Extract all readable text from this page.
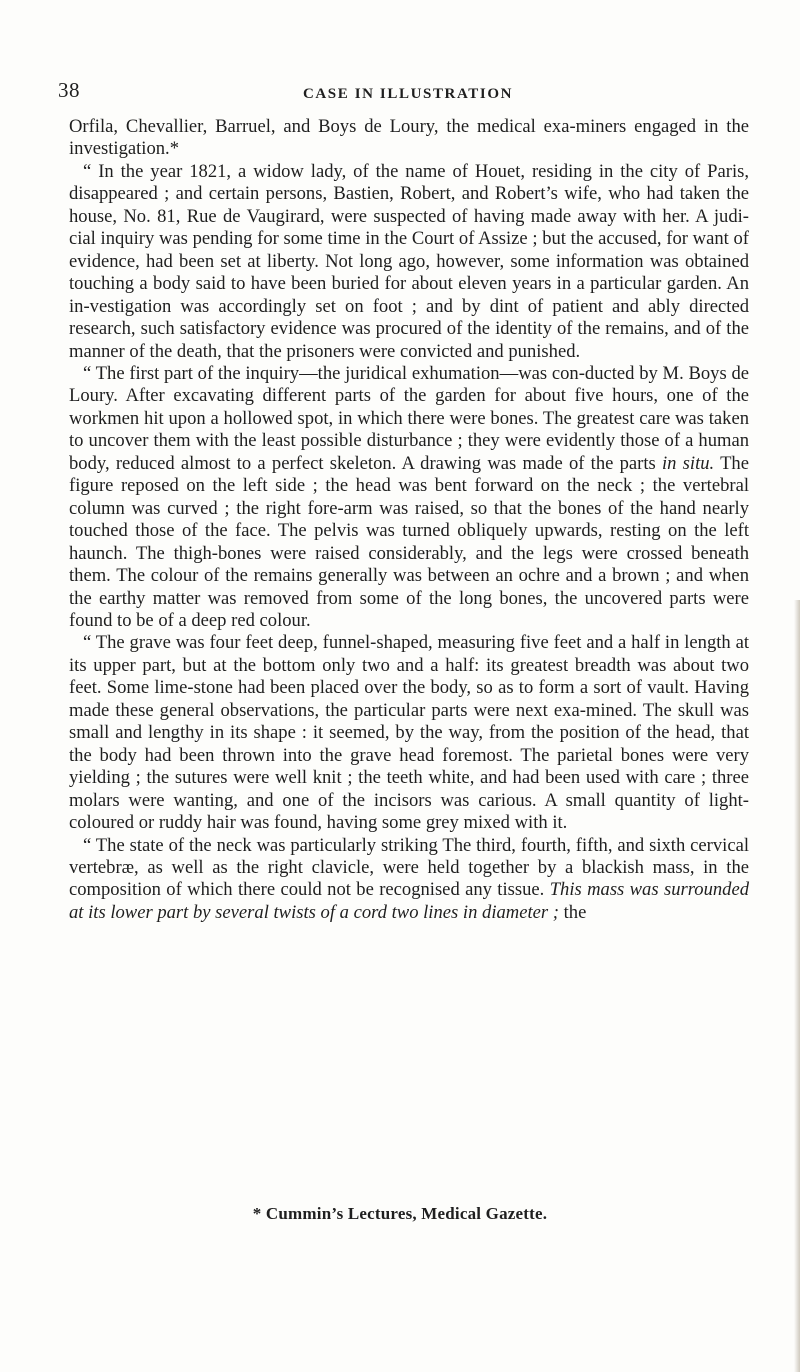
38	CASE IN ILLUSTRATION

Orfila, Chevallier, Barruel, and Boys de Loury, the medical exa-miners engaged in the investigation.*

“ In the year 1821, a widow lady, of the name of Houet, residing in the city of Paris, disappeared ; and certain persons, Bastien, Robert, and Robert’s wife, who had taken the house, No. 81, Rue de Vaugirard, were suspected of having made away with her. A judi-cial inquiry was pending for some time in the Court of Assize ; but the accused, for want of evidence, had been set at liberty. Not long ago, however, some information was obtained touching a body said to have been buried for about eleven years in a particular garden. An in-vestigation was accordingly set on foot ; and by dint of patient and ably directed research, such satisfactory evidence was procured of the identity of the remains, and of the manner of the death, that the prisoners were convicted and punished.

“ The first part of the inquiry—the juridical exhumation—was con-ducted by M. Boys de Loury. After excavating different parts of the garden for about five hours, one of the workmen hit upon a hollowed spot, in which there were bones. The greatest care was taken to uncover them with the least possible disturbance ; they were evidently those of a human body, reduced almost to a perfect skeleton. A drawing was made of the parts in situ. The figure reposed on the left side ; the head was bent forward on the neck ; the vertebral column was curved ; the right fore-arm was raised, so that the bones of the hand nearly touched those of the face. The pelvis was turned obliquely upwards, resting on the left haunch. The thigh-bones were raised considerably, and the legs were crossed beneath them. The colour of the remains generally was between an ochre and a brown ; and when the earthy matter was removed from some of the long bones, the uncovered parts were found to be of a deep red colour.

“ The grave was four feet deep, funnel-shaped, measuring five feet and a half in length at its upper part, but at the bottom only two and a half: its greatest breadth was about two feet. Some lime-stone had been placed over the body, so as to form a sort of vault. Having made these general observations, the particular parts were next exa-mined. The skull was small and lengthy in its shape : it seemed, by the way, from the position of the head, that the body had been thrown into the grave head foremost. The parietal bones were very yielding ; the sutures were well knit ; the teeth white, and had been used with care ; three molars were wanting, and one of the incisors was carious. A small quantity of light-coloured or ruddy hair was found, having some grey mixed with it.

“ The state of the neck was particularly striking The third, fourth, fifth, and sixth cervical vertebræ, as well as the right clavicle, were held together by a blackish mass, in the composition of which there could not be recognised any tissue. This mass was surrounded at its lower part by several twists of a cord two lines in diameter ; the

* Cummin’s Lectures, Medical Gazette.
